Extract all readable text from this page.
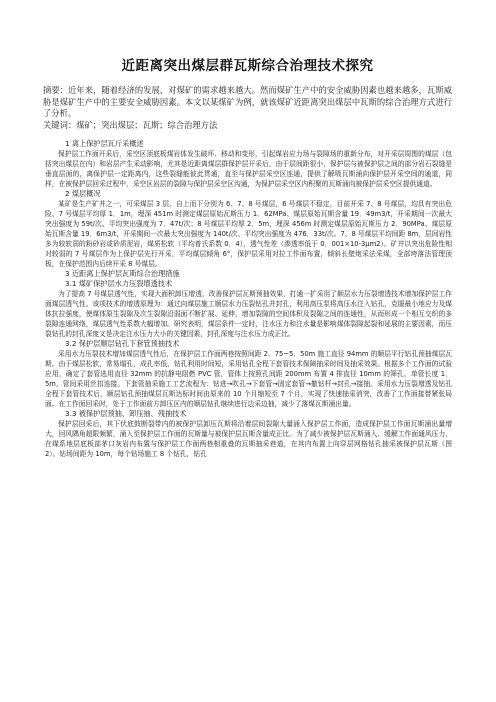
近距离突出煤层群瓦斯综合治理技术探究

摘要：近年来，随着经济的发展，对煤矿的需求越来越大。然而煤矿生产中的安全威胁因素也越来越多，瓦斯威胁是煤矿生产中的主要安全威胁因素。本文以某煤矿为例，就该煤矿近距离突出煤层中瓦斯的综合治理方式进行了分析。

关键词：煤矿；突出煤层；瓦斯；综合治理方法

1 离上保护层瓦斤采概述

保护层工作面开采后，采空区顶底板煤岩体发生破坏、移动和变形，引起煤岩应力场与裂隙场的重新分布，对开采层周围的煤层（包括突出煤层在内）和岩层产生采动影响，尤其是近距离煤层群保护层开采后，由于层间距很小，保护层与被保护层之间的部分岩石裂缝是垂直层面的，离保护层一定距离内，这些裂缝能彼此贯通，直至与保护层采空区连通，提供了解吸瓦斯涌向保护层开采空间的通道，同样，在被保护层回采过程中，采空区岩层的裂隙与保护层采空区沟通，为保护层采空区内积聚的瓦斯涌向被保护层采空区提供通道。

2 煤层概况

某矿是生产矿井之一，可采煤层 3 层，自上而下分别为 6、7、8 号煤层，6 号煤层不稳定，目前开采 7、8 号煤层，均具有突出危险。7 号煤层平均厚 1．1m，埋深 451m 时测定煤层原始瓦斯压力 1．62MPa、煤层原始瓦斯含量 19．49m3/t，开采期间一次最大突出强度为 59t/次、平均突出强度为 7．47t/次；8 号煤层平均厚 2．5m，埋深 456m 时测定煤层原始瓦斯压力 2．90MPa、煤层原始瓦斯含量 19．6m3/t，开采期间一次最大突出强度为 140t/次、平均突出强度为 476．33t/次。7、8 号煤层平均间距 8m，层间岩性多为较软弱的粉砂岩或砂质泥岩，煤质松软（平均普氏系数 0．4），透气性差（渗透率低于 0．001×10-3μm2）。矿井以突出危险性相对较弱的 7 号煤层作为上保护层先行开采，平均煤层倾角 6°，保护层采用对拉工作面布置，倾斜长壁炮采法采煤，全部垮落法管理顶板，在保护范围内后续开采 8 号煤层。

3 近距离上保护层瓦斯综合治理措施

3.1 煤矿保护层水力压裂增透技术

为了提高 7 号煤层透气性，实现大面积卸压增透，改善保护层瓦斯预抽效果，打通一扩采用了顺层水力压裂增透技术增加保护层工作面煤层透气性。该项技术的增透原理为：通过向煤层施工顺层水力压裂钻孔并封孔，利用高压泵将高压水注入钻孔，克服最小地应力及煤体抗拉强度，使煤体原生裂隙及次生裂隙沿弱面不断扩展、延伸，增加裂隙的空间体积及裂隙之间的连通性，从而形成一个相互交织的多裂隙连通网络，煤层透气性系数大幅增加。研究表明，煤层条件一定时，注水压力和注水量是影响煤体裂隙起裂和延展的主要因素，而压裂钻孔的封孔深度又是决定注水压力大小的关键因素，封孔深度与注水压力成正比。

3.2 保护层顺层钻孔下套管预抽技术

采用水力压裂技术增加煤层透气性后，在保护层工作面两巷按照间距 2．75~5．50m 施工直径 94mm 的顺层平行钻孔预抽煤层瓦斯。由于煤层松软，常易塌孔，成孔率低，钻孔利用时间短，采用钻孔全程下套管技术保障抽采时间及抽采效果。根据多个工作面的试验应用，确定了套管选用直径 32mm 的抗静电阻燃 PVC 管，管体上按照孔间距 200mm 布置 4 排直径 10mm 的筛孔，单管长度 1．5m，管间采用丝扣连接。下套管抽采施工工艺流程为：钻进→吹孔→下套管→固定套管→撤钻杆→封孔→接抽。采用水力压裂增透及钻孔全程下套管技术后，顺层钻孔预抽煤层瓦斯达标时间由原来的 10 个月缩短至 7 个月，实现了快速抽采消突，改善了工作面接替紧张局面。在工作面回采时，处于工作面前方卸压区内的顺层钻孔继续进行边采边抽，减少了落煤瓦斯涌出量。

3.3 被保护层预抽、卸压抽、残抽技术

保护层回采后，其下伏底鼓断裂带内的被保护层卸压瓦斯将沿着层间裂隙大量涌入保护层工作面，造成保护层工作面瓦斯涌出量增大，回风隅角超限频繁，涌入至保护层工作面的瓦斯量与被保护层瓦斯含量成正比。为了减少被保护层瓦斯涌入、缓解工作面通风压力，在煤系地层底板部茅口灰岩内布置与保护层工作面两巷相重叠的瓦斯抽采巷道，在其内布置上向穿层网格钻孔抽采被保护层瓦斯（图 2）。钻场间距为 10m，每个钻场施工 8 个钻孔，钻孔
